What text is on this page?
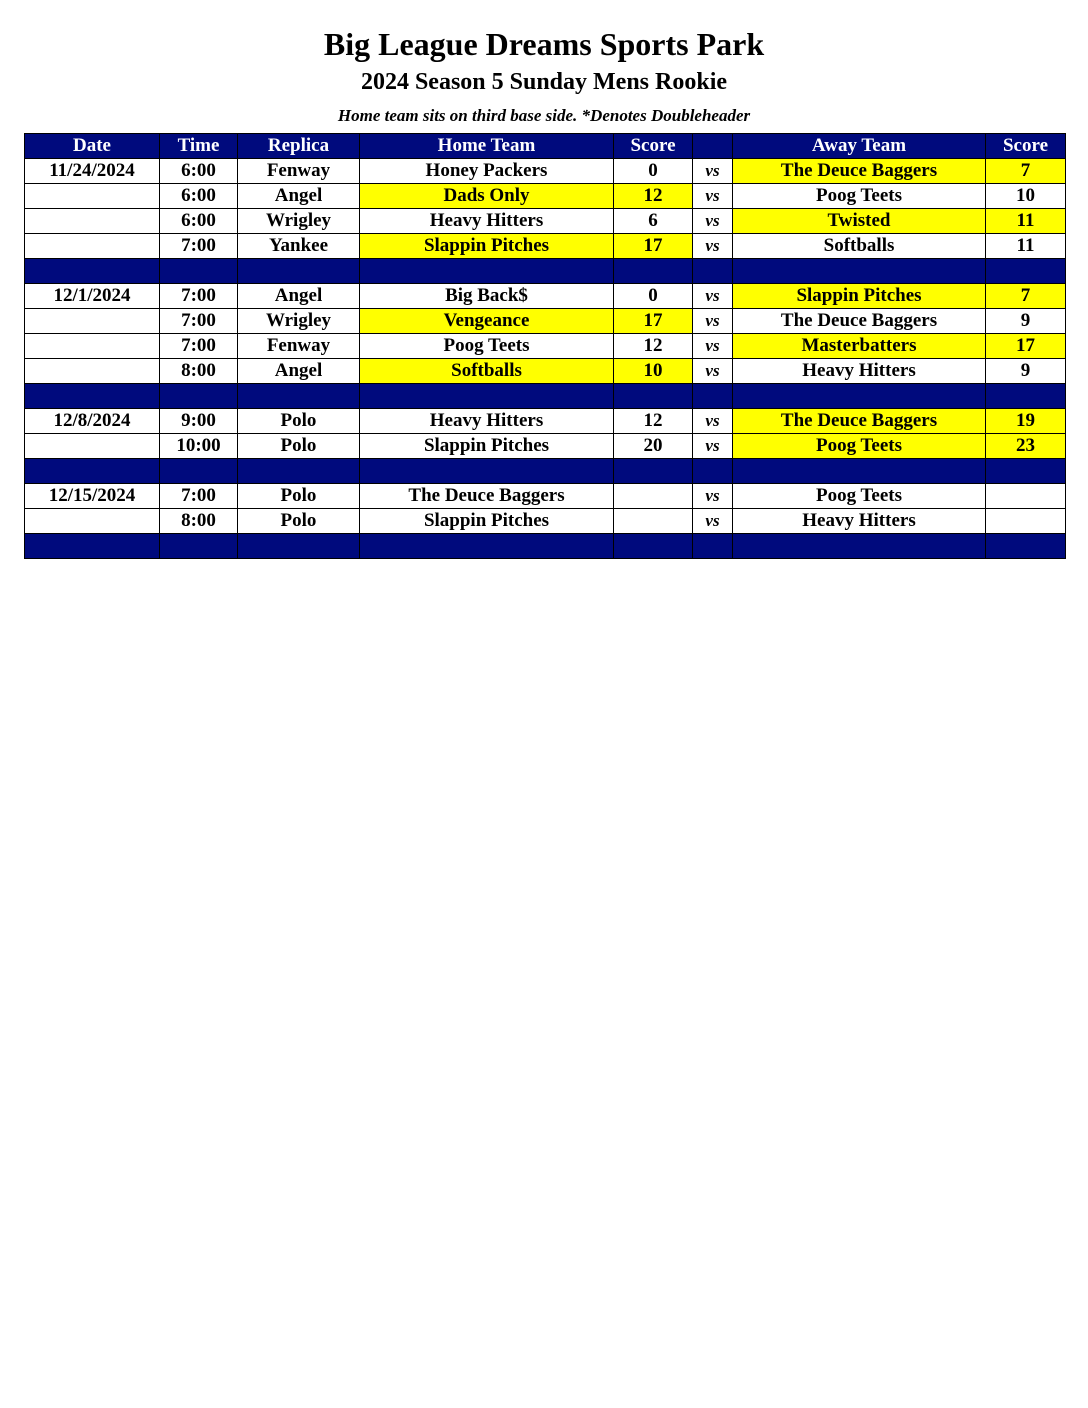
Big League Dreams Sports Park
2024 Season 5 Sunday Mens Rookie
Home team sits on third base side. *Denotes Doubleheader
Date	Time	Replica	Home Team	Score		Away Team	Score
11/24/2024	6:00	Fenway	Honey Packers	0	vs	The Deuce Baggers	7
	6:00	Angel	Dads Only	12	vs	Poog Teets	10
	6:00	Wrigley	Heavy Hitters	6	vs	Twisted	11
	7:00	Yankee	Slappin Pitches	17	vs	Softballs	11

12/1/2024	7:00	Angel	Big Back$	0	vs	Slappin Pitches	7
	7:00	Wrigley	Vengeance	17	vs	The Deuce Baggers	9
	7:00	Fenway	Poog Teets	12	vs	Masterbatters	17
	8:00	Angel	Softballs	10	vs	Heavy Hitters	9

12/8/2024	9:00	Polo	Heavy Hitters	12	vs	The Deuce Baggers	19
	10:00	Polo	Slappin Pitches	20	vs	Poog Teets	23

12/15/2024	7:00	Polo	The Deuce Baggers		vs	Poog Teets	
	8:00	Polo	Slappin Pitches		vs	Heavy Hitters	
